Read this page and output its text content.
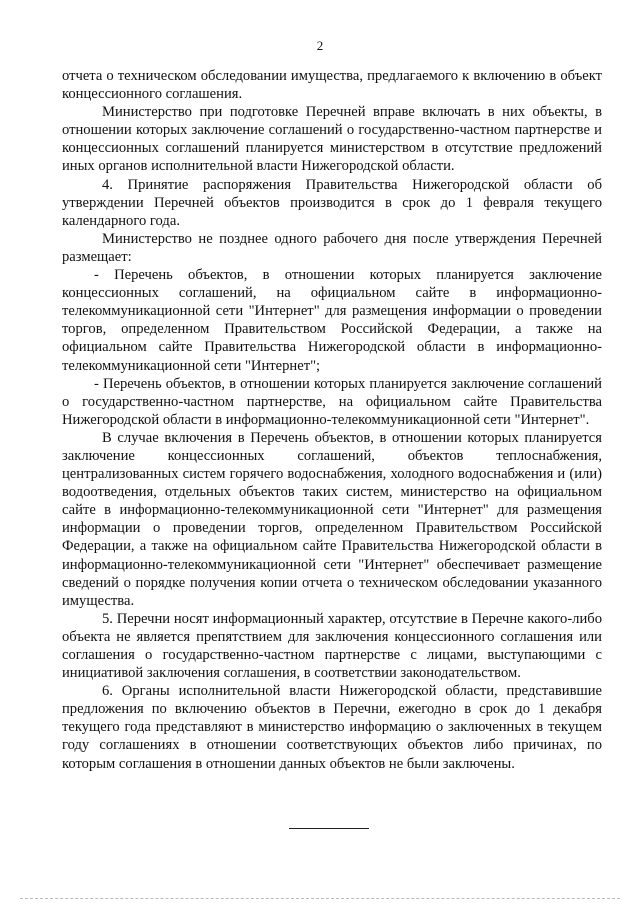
2

отчета о техническом обследовании имущества, предлагаемого к включению в объект концессионного соглашения.

Министерство при подготовке Перечней вправе включать в них объекты, в отношении которых заключение соглашений о государственно-частном партнерстве и концессионных соглашений планируется министерством в отсутствие предложений иных органов исполнительной власти Нижегородской области.

4. Принятие распоряжения Правительства Нижегородской области об утверждении Перечней объектов производится в срок до 1 февраля текущего календарного года.

Министерство не позднее одного рабочего дня после утверждения Перечней размещает:

- Перечень объектов, в отношении которых планируется заключение концессионных соглашений, на официальном сайте в информационно-телекоммуникационной сети "Интернет" для размещения информации о проведении торгов, определенном Правительством Российской Федерации, а также на официальном сайте Правительства Нижегородской области в информационно-телекоммуникационной сети "Интернет";

- Перечень объектов, в отношении которых планируется заключение соглашений о государственно-частном партнерстве, на официальном сайте Правительства Нижегородской области в информационно-телекоммуникационной сети "Интернет".

В случае включения в Перечень объектов, в отношении которых планируется заключение концессионных соглашений, объектов теплоснабжения, централизованных систем горячего водоснабжения, холодного водоснабжения и (или) водоотведения, отдельных объектов таких систем, министерство на официальном сайте в информационно-телекоммуникационной сети "Интернет" для размещения информации о проведении торгов, определенном Правительством Российской Федерации, а также на официальном сайте Правительства Нижегородской области в информационно-телекоммуникационной сети "Интернет" обеспечивает размещение сведений о порядке получения копии отчета о техническом обследовании указанного имущества.

5. Перечни носят информационный характер, отсутствие в Перечне какого-либо объекта не является препятствием для заключения концессионного соглашения или соглашения о государственно-частном партнерстве с лицами, выступающими с инициативой заключения соглашения, в соответствии законодательством.

6. Органы исполнительной власти Нижегородской области, представившие предложения по включению объектов в Перечни, ежегодно в срок до 1 декабря текущего года представляют в министерство информацию о заключенных в текущем году соглашениях в отношении соответствующих объектов либо причинах, по которым соглашения в отношении данных объектов не были заключены.
